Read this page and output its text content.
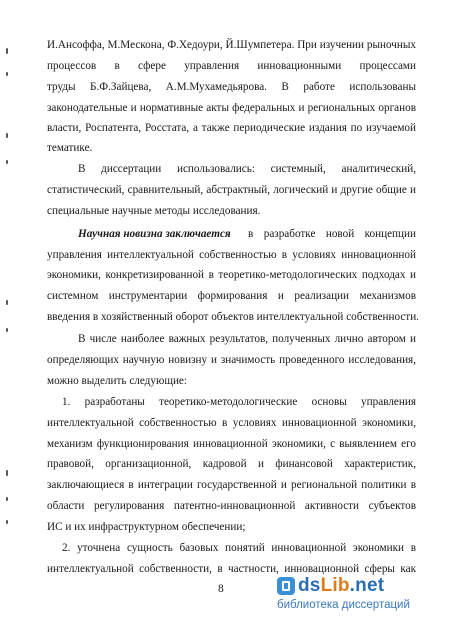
И.Ансоффа, М.Мескона, Ф.Хедоури, Й.Шумпетера. При изучении рыночных
процессов в сфере управления инновационными процессами
труды Б.Ф.Зайцева, А.М.Мухамедьярова. В работе использованы
законодательные и нормативные акты федеральных и региональных органов
власти, Роспатента, Росстата, а также периодические издания по изучаемой
тематике.
В диссертации использовались: системный, аналитический,
статистический, сравнительный, абстрактный, логический и другие общие и
специальные научные методы исследования.
Научная новизна заключается	в разработке новой концепции
управления интеллектуальной собственностью в условиях инновационной
экономики, конкретизированной в теоретико-методологических подходах и
системном инструментарии формирования и реализации механизмов
введения в хозяйственный оборот объектов интеллектуальной собственности.
В числе наиболее важных результатов, полученных лично автором и
определяющих научную новизну и значимость проведенного исследования,
можно выделить следующие:
1. разработаны теоретико-методологические основы управления
интеллектуальной собственностью в условиях инновационной экономики,
механизм функционирования инновационной экономики, с выявлением его
правовой, организационной, кадровой и финансовой характеристик,
заключающиеся в интеграции государственной и региональной политики в
области регулирования патентно-инновационной активности субъектов
ИС и их инфраструктурном обеспечении;
2. уточнена сущность базовых понятий инновационной экономики в
интеллектуальной собственности, в частности, инновационной сферы как
8	dsLib.net
библиотека диссертаций
